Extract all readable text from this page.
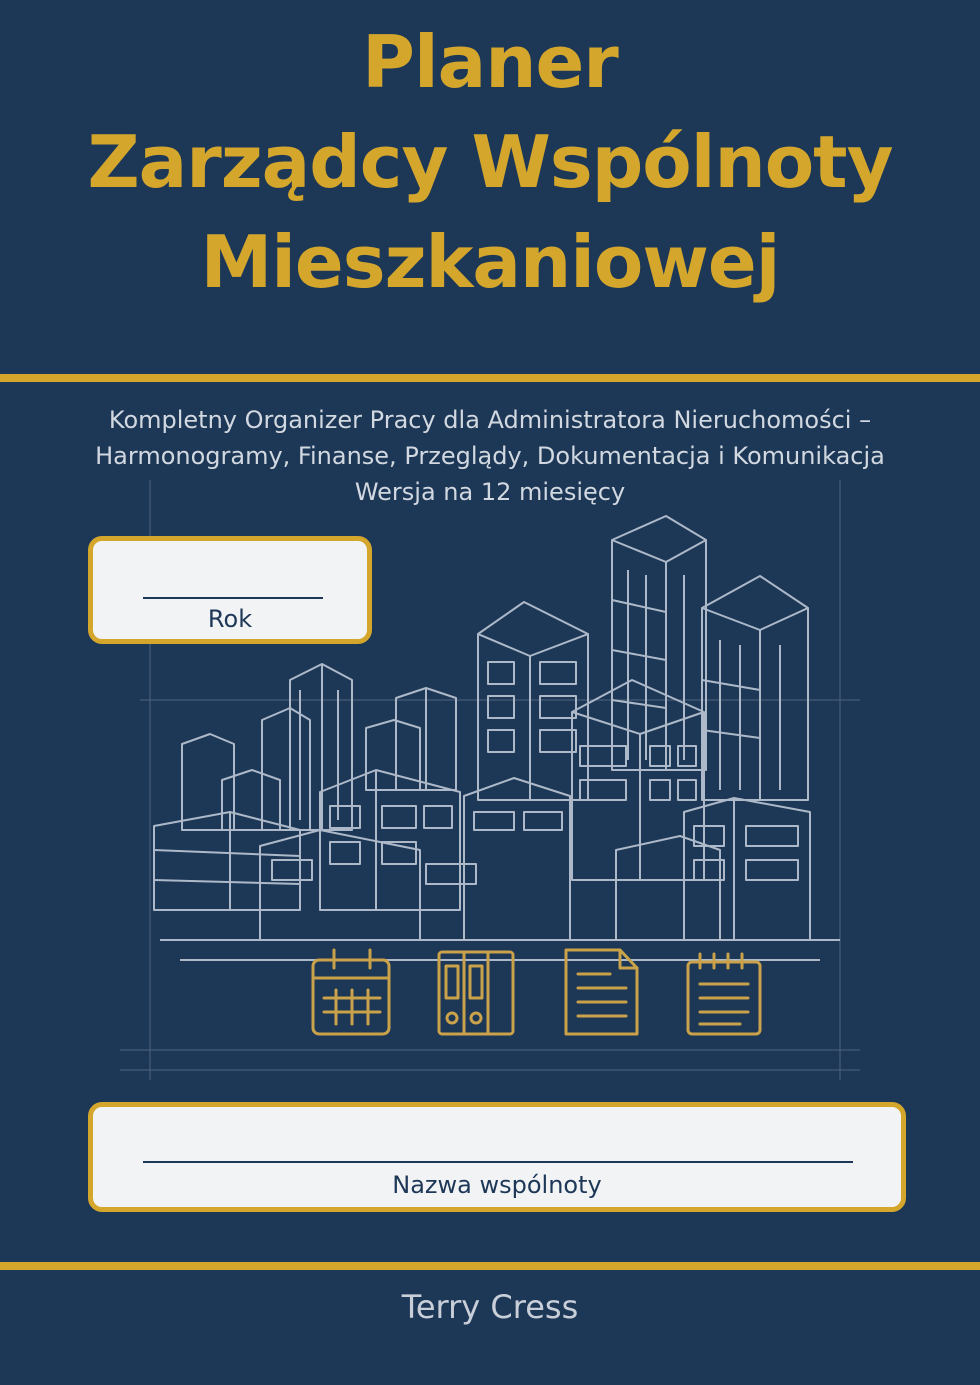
Planer
Zarządcy Wspólnoty
Mieszkaniowej
Kompletny Organizer Pracy dla Administratora Nieruchomości –
Harmonogramy, Finanse, Przeglądy, Dokumentacja i Komunikacja
Wersja na 12 miesięcy
Rok
Nazwa wspólnoty
Terry Cress
